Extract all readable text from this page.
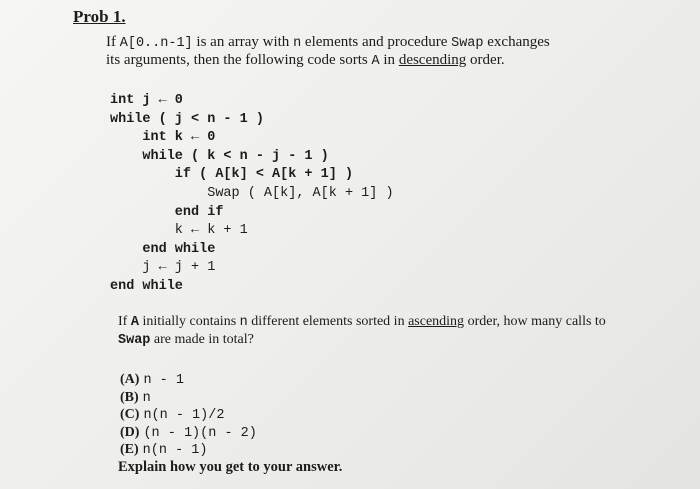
Prob 1.
If A[0..n-1] is an array with n elements and procedure Swap exchanges
its arguments, then the following code sorts A in descending order.
int j ← 0
while ( j < n - 1 )
int k ← 0
while ( k < n - j - 1 )
if ( A[k] < A[k + 1] )
Swap ( A[k], A[k + 1] )
end if
k ← k + 1
end while
j ← j + 1
end while
If A initially contains n different elements sorted in ascending order, how many calls to
Swap are made in total?
(A) n - 1
(B) n
(C) n(n - 1)/2
(D) (n - 1)(n - 2)
(E) n(n - 1)
Explain how you get to your answer.
